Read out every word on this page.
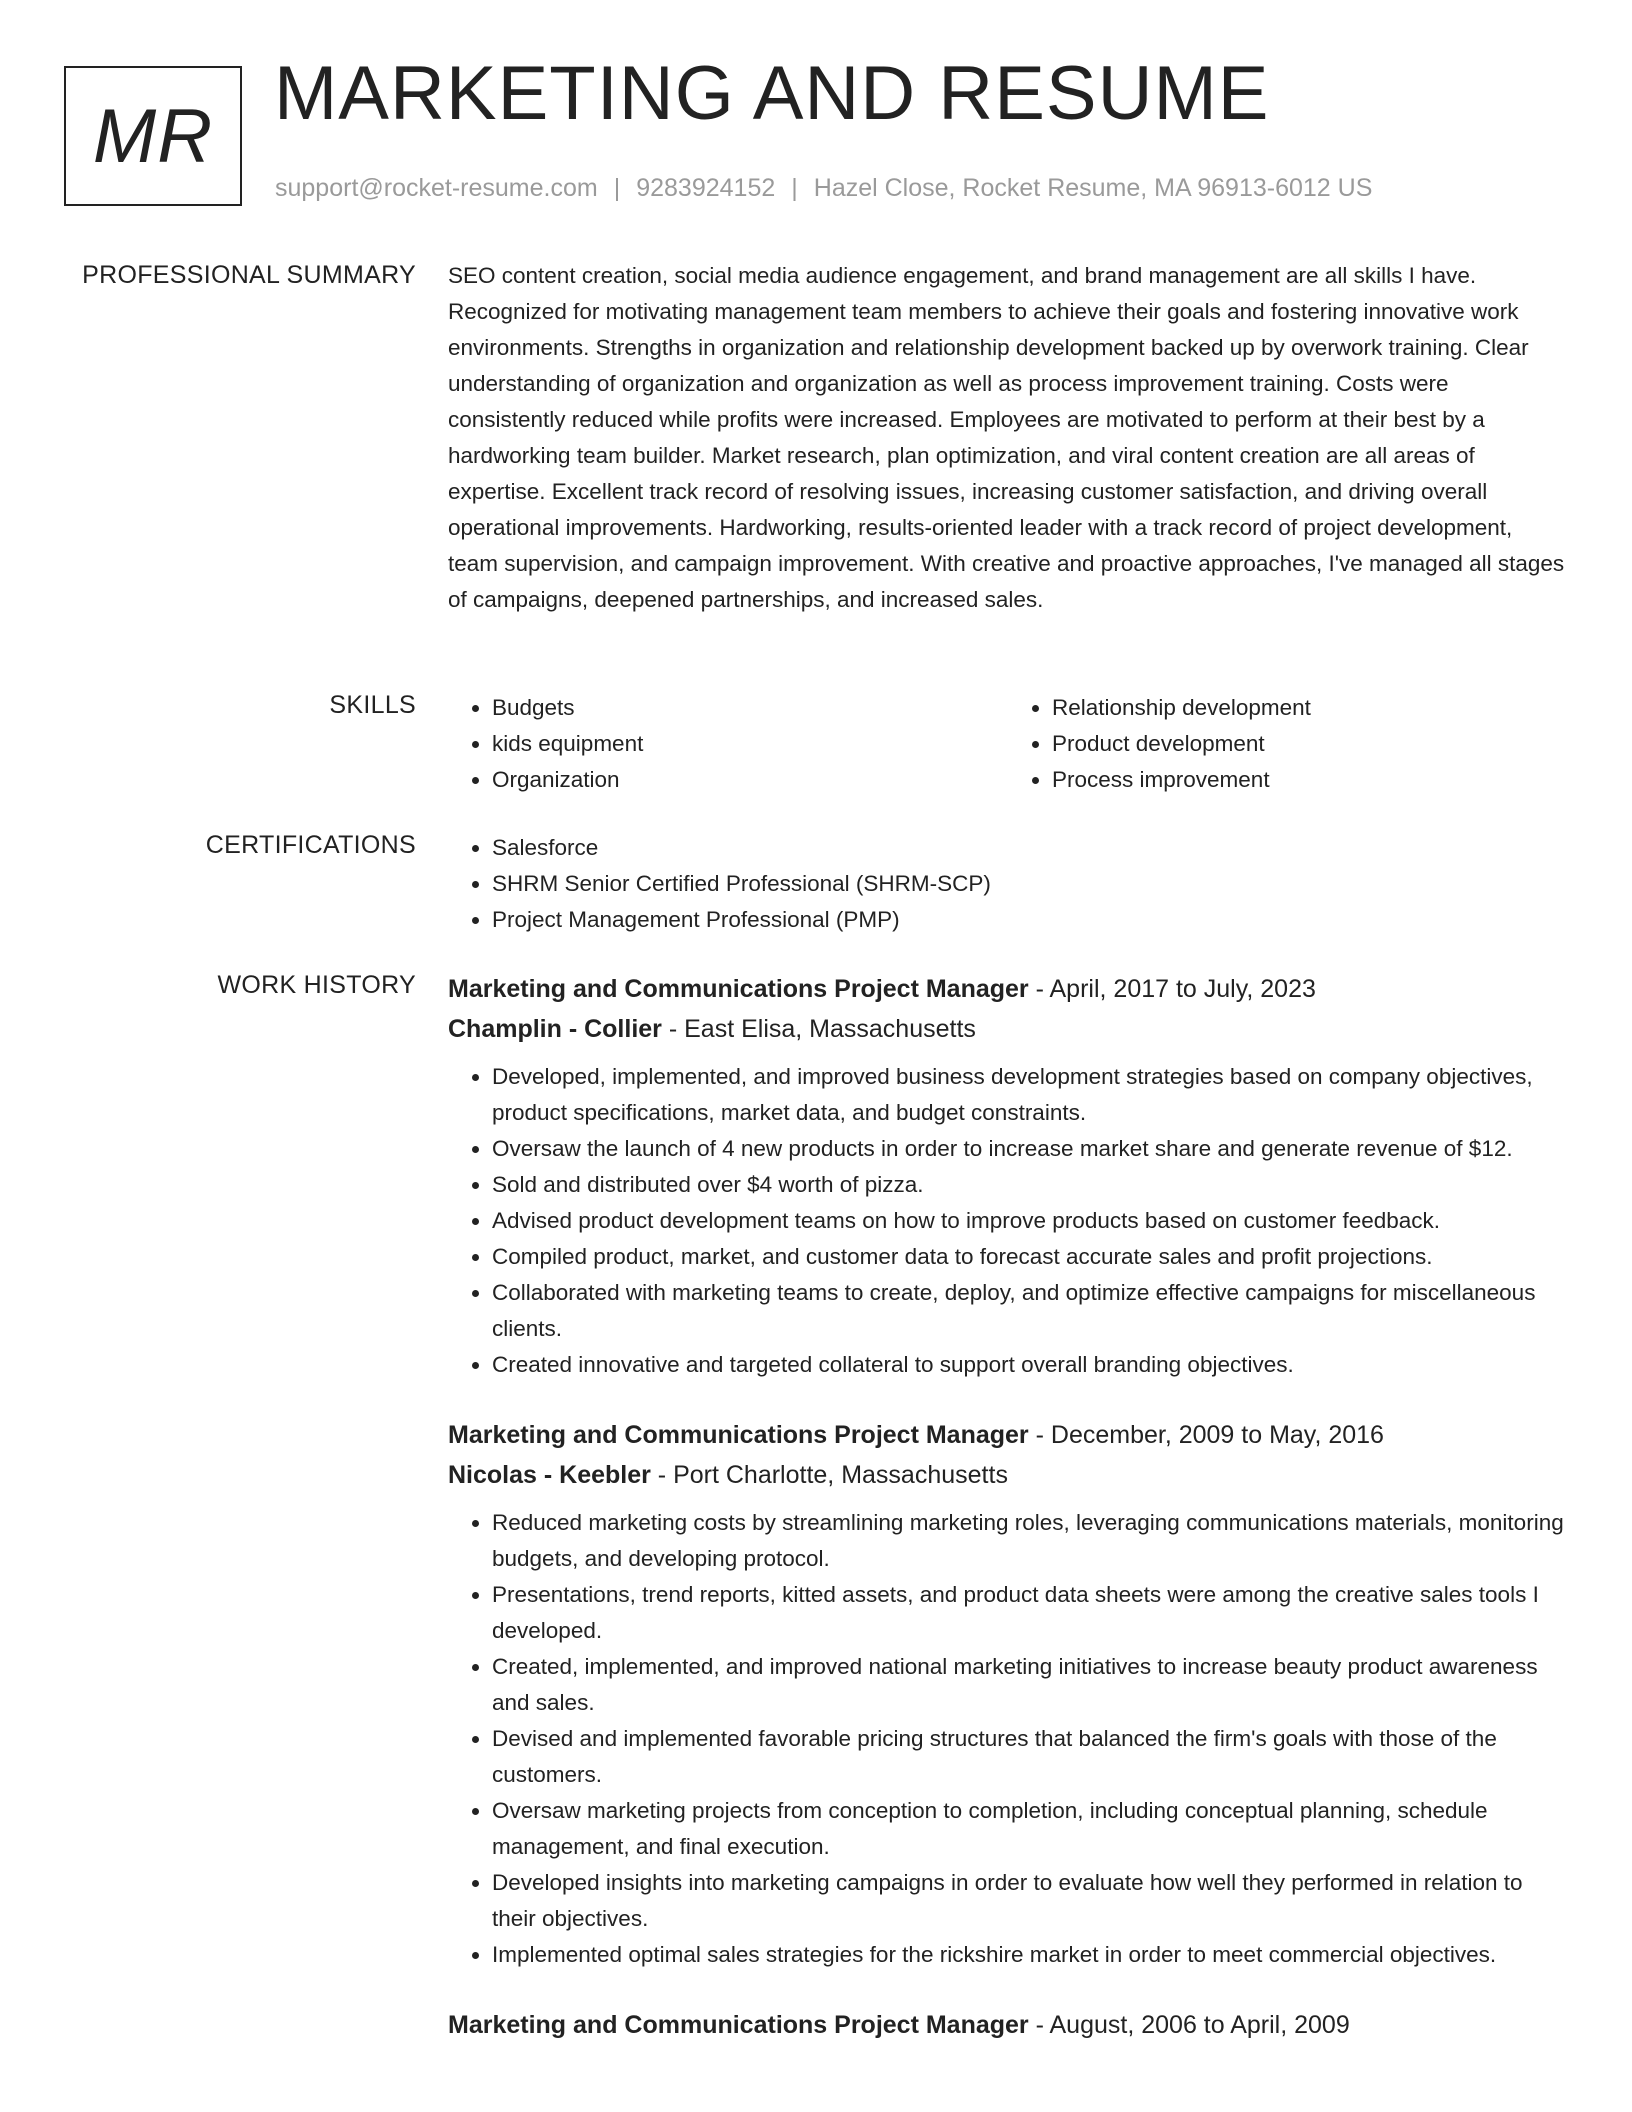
MR MARKETING AND RESUME
support@rocket-resume.com | 9283924152 | Hazel Close, Rocket Resume, MA 96913-6012 US
PROFESSIONAL SUMMARY SEO content creation, social media audience engagement, and brand management are all skills I have. Recognized for motivating management team members to achieve their goals and fostering innovative work environments. Strengths in organization and relationship development backed up by overwork training. Clear understanding of organization and organization as well as process improvement training. Costs were consistently reduced while profits were increased. Employees are motivated to perform at their best by a hardworking team builder. Market research, plan optimization, and viral content creation are all areas of expertise. Excellent track record of resolving issues, increasing customer satisfaction, and driving overall operational improvements. Hardworking, results-oriented leader with a track record of project development, team supervision, and campaign improvement. With creative and proactive approaches, I've managed all stages of campaigns, deepened partnerships, and increased sales.

SKILLS	• Budgets
• kids equipment
• Organization
• Relationship development
• Product development
• Process improvement
CERTIFICATIONS	• Salesforce
• SHRM Senior Certified Professional (SHRM-SCP)
• Project Management Professional (PMP)
WORK HISTORY Marketing and Communications Project Manager - April, 2017 to July, 2023
Champlin - Collier - East Elisa, Massachusetts
• Developed, implemented, and improved business development strategies based on company objectives, product specifications, market data, and budget constraints.
• Oversaw the launch of 4 new products in order to increase market share and generate revenue of $12.
• Sold and distributed over $4 worth of pizza.
• Advised product development teams on how to improve products based on customer feedback.
• Compiled product, market, and customer data to forecast accurate sales and profit projections.
• Collaborated with marketing teams to create, deploy, and optimize effective campaigns for miscellaneous clients.
• Created innovative and targeted collateral to support overall branding objectives.
Marketing and Communications Project Manager - December, 2009 to May, 2016
Nicolas - Keebler - Port Charlotte, Massachusetts
• Reduced marketing costs by streamlining marketing roles, leveraging communications materials, monitoring budgets, and developing protocol.
• Presentations, trend reports, kitted assets, and product data sheets were among the creative sales tools I developed.
• Created, implemented, and improved national marketing initiatives to increase beauty product awareness and sales.
• Devised and implemented favorable pricing structures that balanced the firm's goals with those of the customers.
• Oversaw marketing projects from conception to completion, including conceptual planning, schedule management, and final execution.
• Developed insights into marketing campaigns in order to evaluate how well they performed in relation to their objectives.
• Implemented optimal sales strategies for the rickshire market in order to meet commercial objectives.
Marketing and Communications Project Manager - August, 2006 to April, 2009
